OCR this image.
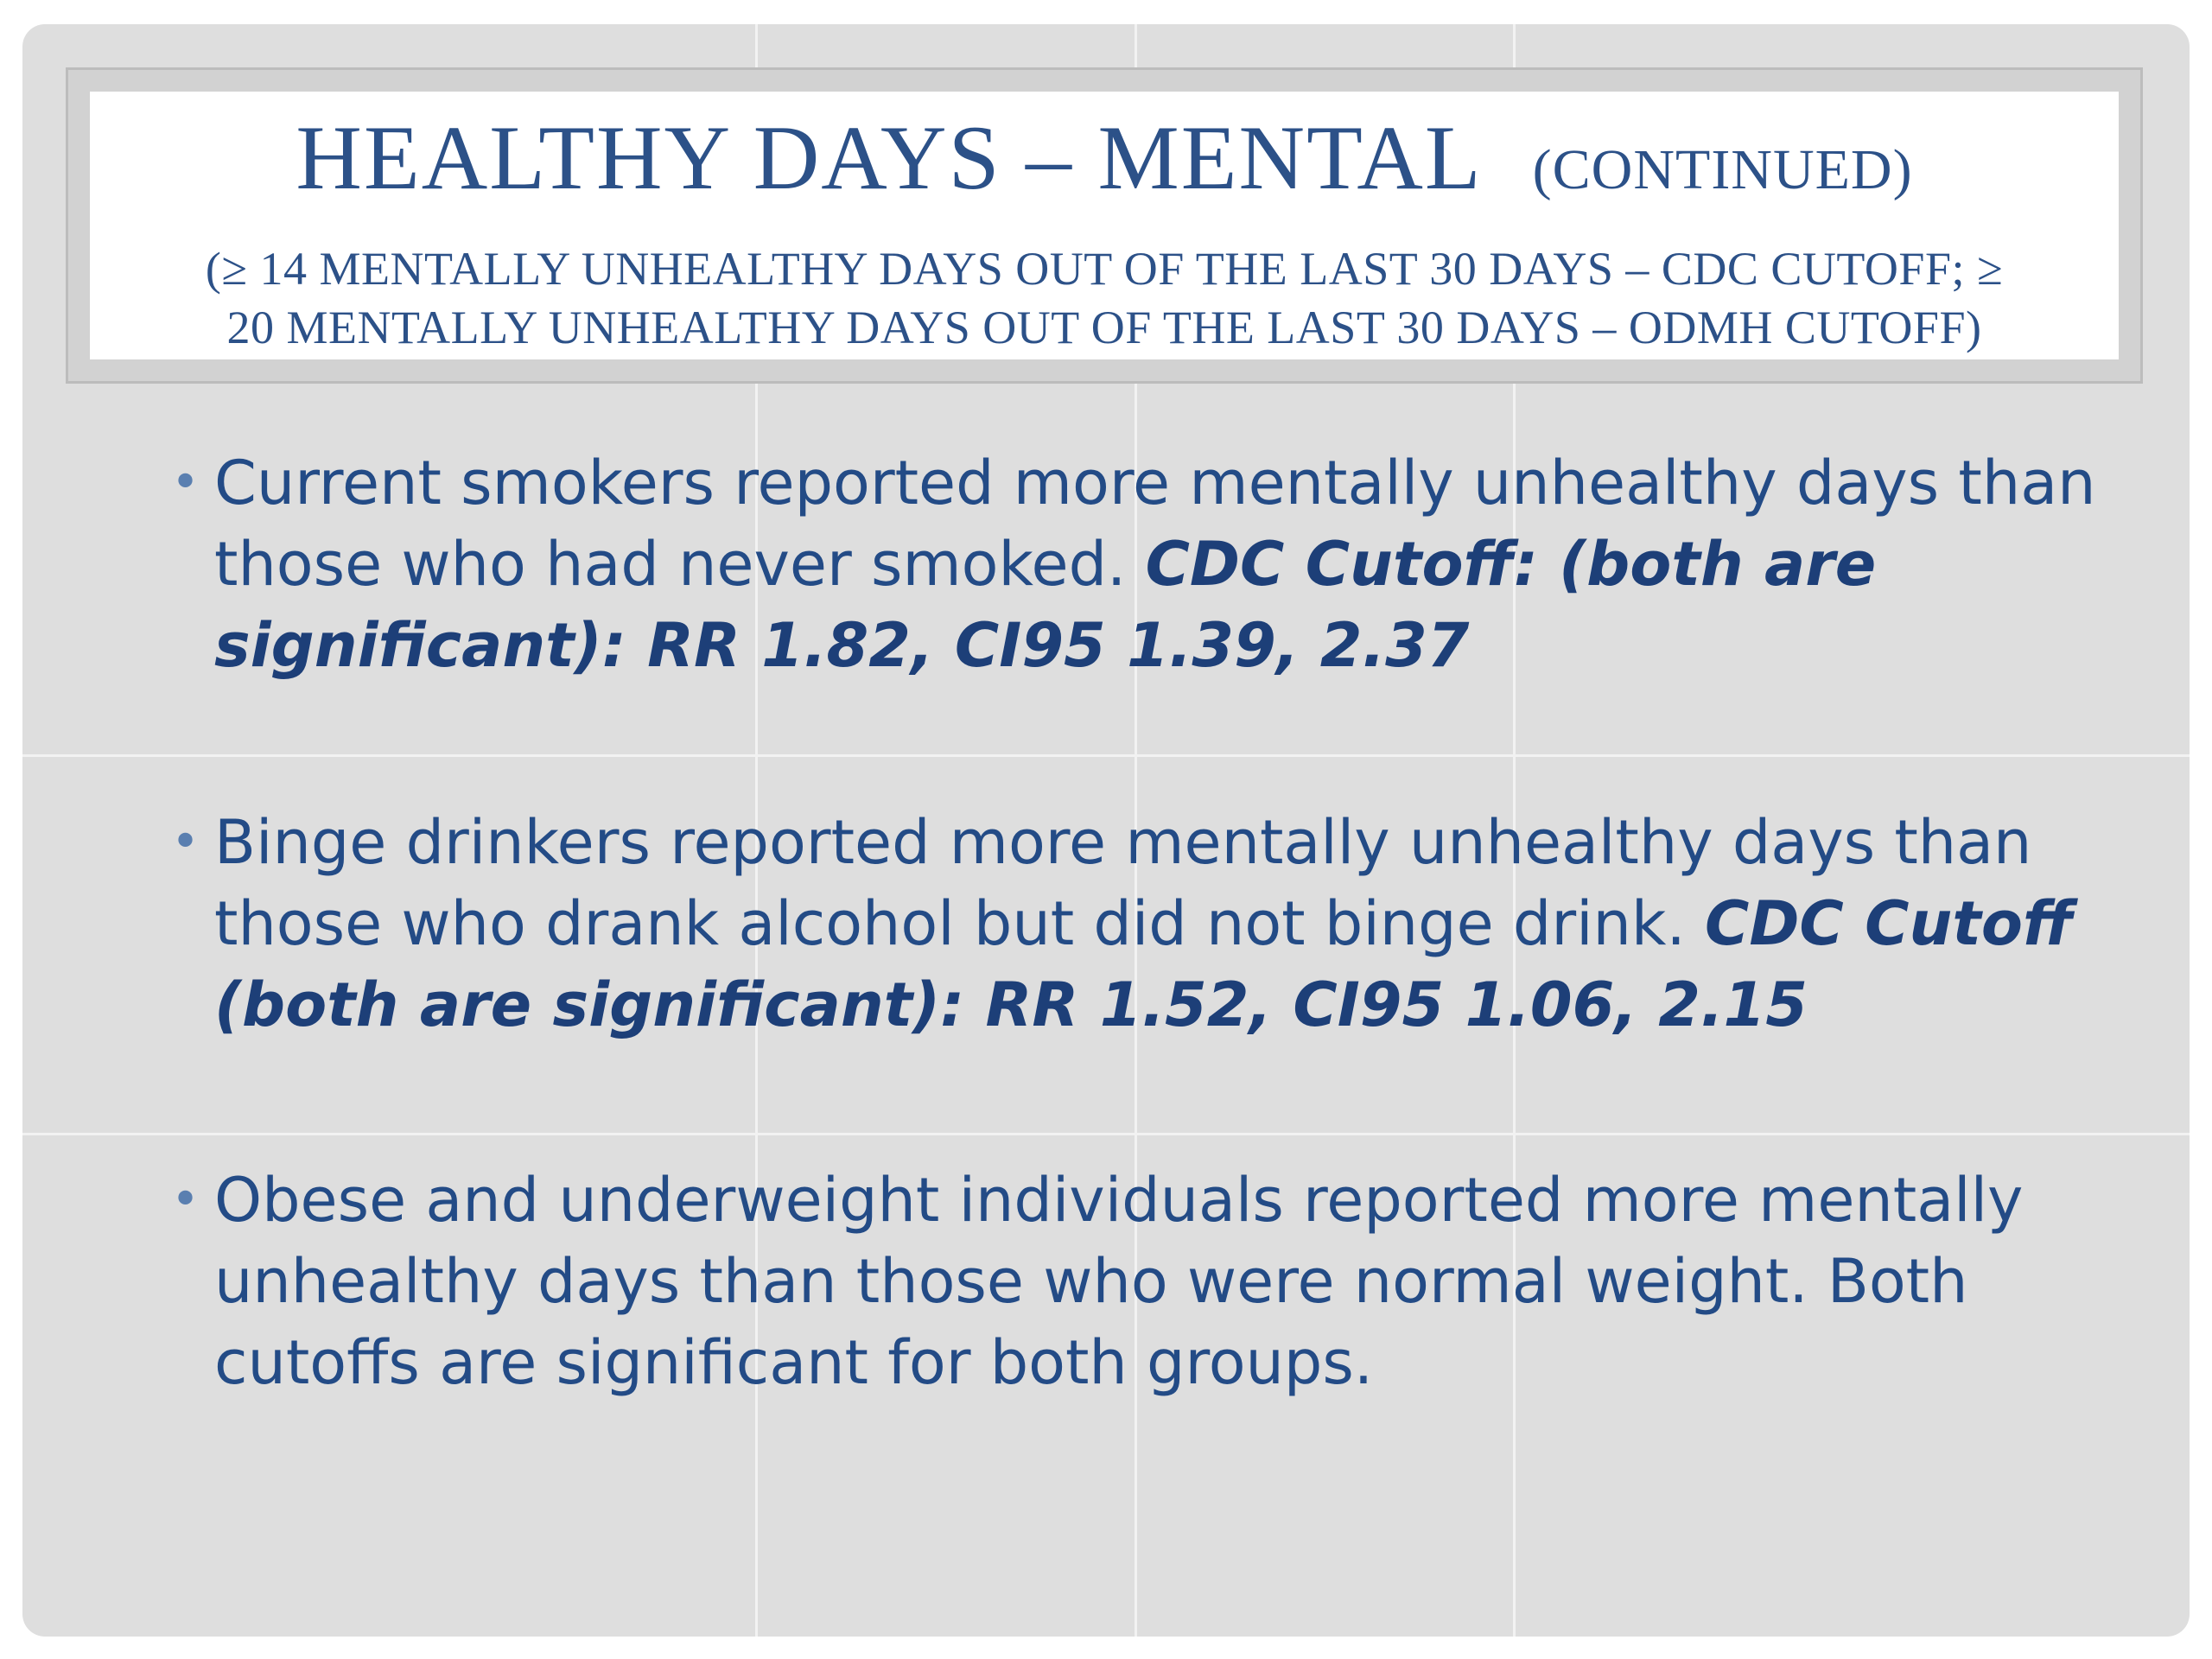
HEALTHY DAYS – MENTAL (CONTINUED)
(≥ 14 MENTALLY UNHEALTHY DAYS OUT OF THE LAST 30 DAYS – CDC CUTOFF; ≥
20 MENTALLY UNHEALTHY DAYS OUT OF THE LAST 30 DAYS – ODMH CUTOFF)
• Current smokers reported more mentally unhealthy days than those who had never smoked. CDC Cutoff: (both are significant): RR 1.82, CI95 1.39, 2.37
• Binge drinkers reported more mentally unhealthy days than those who drank alcohol but did not binge drink. CDC Cutoff (both are significant): RR 1.52, CI95 1.06, 2.15
• Obese and underweight individuals reported more mentally unhealthy days than those who were normal weight. Both cutoffs are significant for both groups.
